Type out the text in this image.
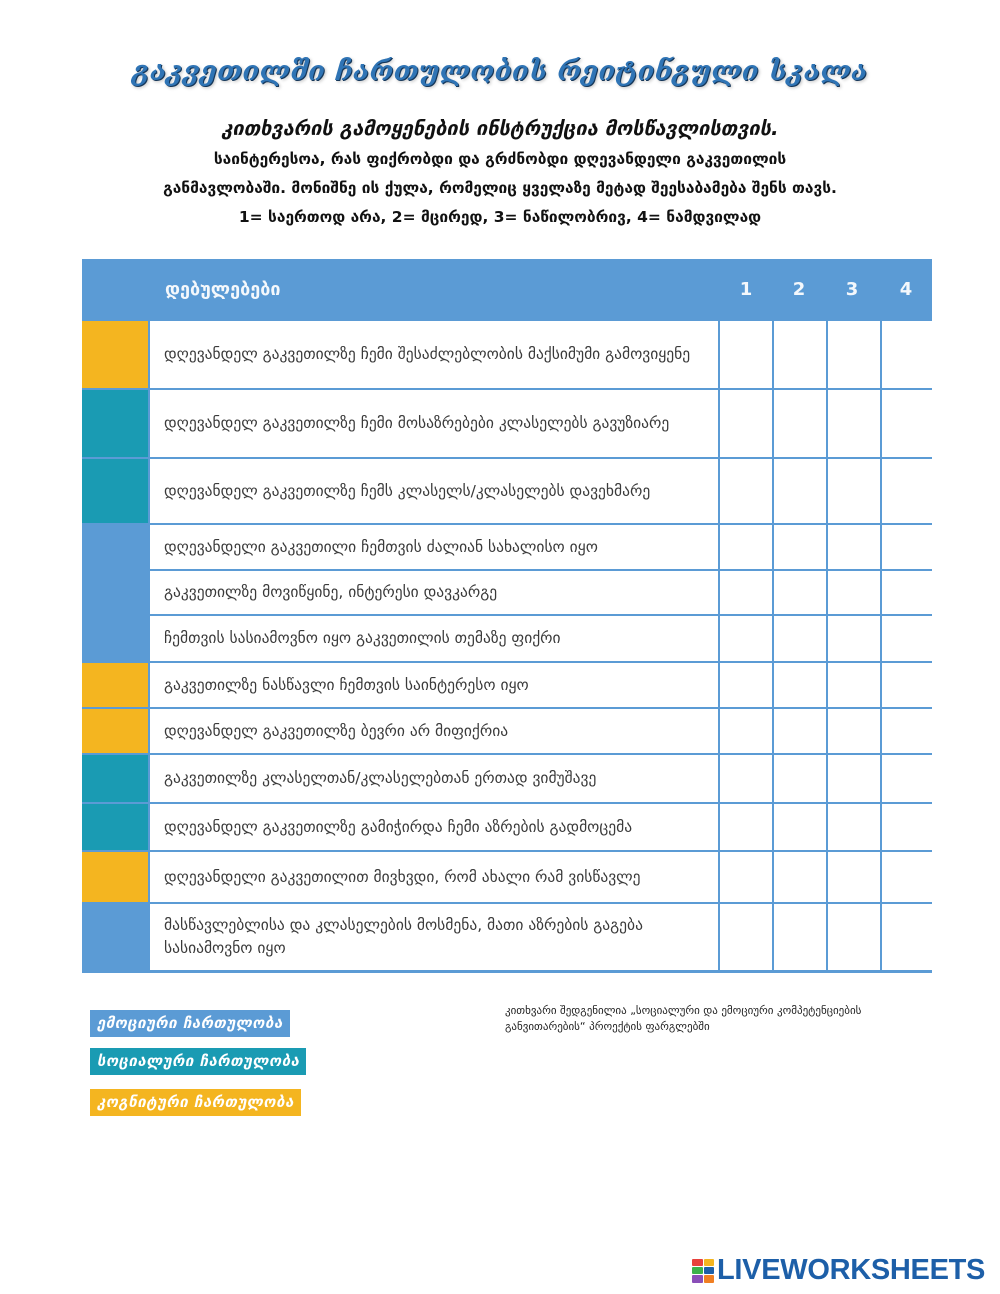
გაკვეთილში ჩართულობის რეიტინგული სკალა
კითხვარის გამოყენების ინსტრუქცია მოსწავლისთვის.
საინტერესოა, რას ფიქრობდი და გრძნობდი დღევანდელი გაკვეთილის
განმავლობაში. მონიშნე ის ქულა, რომელიც ყველაზე მეტად შეესაბამება შენს თავს.
1= საერთოდ არა, 2= მცირედ, 3= ნაწილობრივ, 4= ნამდვილად
დებულებები	1	2	3	4
დღევანდელ გაკვეთილზე ჩემი შესაძლებლობის მაქსიმუმი გამოვიყენე
დღევანდელ გაკვეთილზე ჩემი მოსაზრებები კლასელებს გავუზიარე
დღევანდელ გაკვეთილზე ჩემს კლასელს/კლასელებს დავეხმარე
დღევანდელი გაკვეთილი ჩემთვის ძალიან სახალისო იყო
გაკვეთილზე მოვიწყინე, ინტერესი დავკარგე
ჩემთვის სასიამოვნო იყო გაკვეთილის თემაზე ფიქრი
გაკვეთილზე ნასწავლი ჩემთვის საინტერესო იყო
დღევანდელ გაკვეთილზე ბევრი არ მიფიქრია
გაკვეთილზე კლასელთან/კლასელებთან ერთად ვიმუშავე
დღევანდელ გაკვეთილზე გამიჭირდა ჩემი აზრების გადმოცემა
დღევანდელი გაკვეთილით მივხვდი, რომ ახალი რამ ვისწავლე
მასწავლებლისა და კლასელების მოსმენა, მათი აზრების გაგება სასიამოვნო იყო
ემოციური ჩართულობა
სოციალური ჩართულობა
კოგნიტური ჩართულობა
კითხვარი შედგენილია „სოციალური და ემოციური კომპეტენციების განვითარების“ პროექტის ფარგლებში
LIVEWORKSHEETS
